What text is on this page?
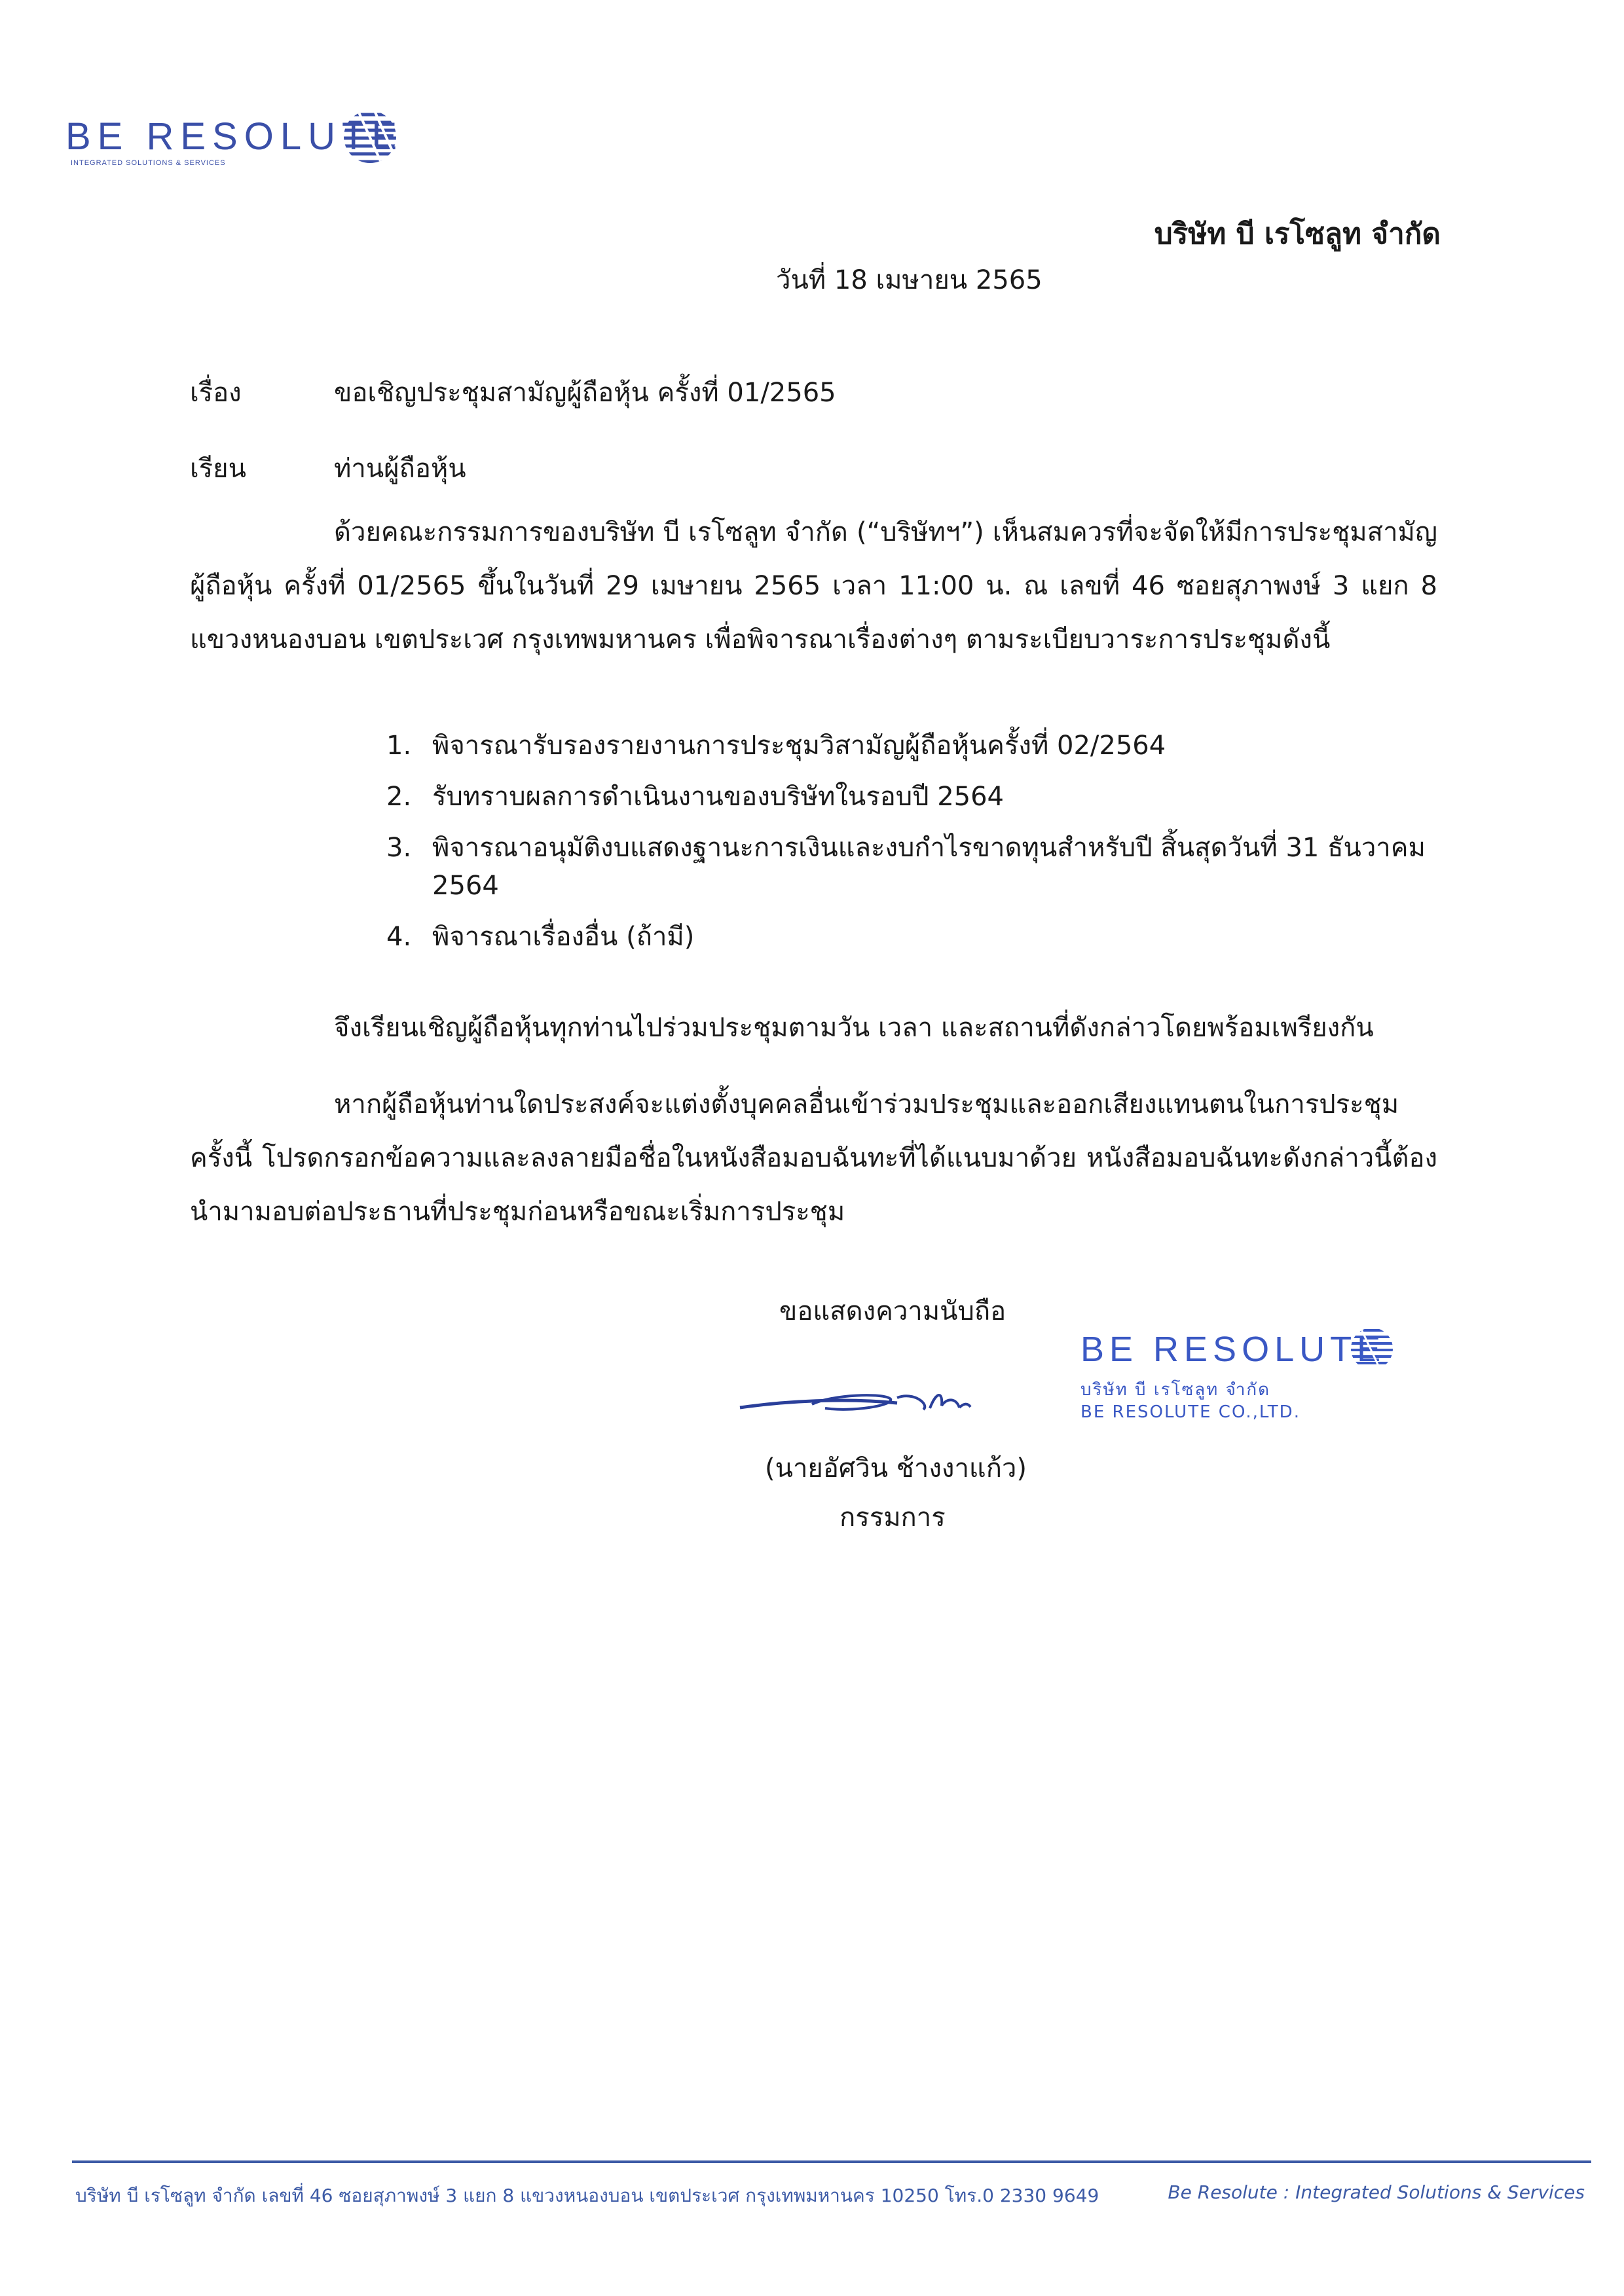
BE RESOLUTE
INTEGRATED SOLUTIONS & SERVICES
บริษัท บี เรโซลูท จำกัด
วันที่ 18 เมษายน 2565
เรื่อง	ขอเชิญประชุมสามัญผู้ถือหุ้น ครั้งที่ 01/2565
เรียน	ท่านผู้ถือหุ้น
ด้วยคณะกรรมการของบริษัท บี เรโซลูท จำกัด (“บริษัทฯ”) เห็นสมควรที่จะจัดให้มีการประชุมสามัญผู้ถือหุ้น ครั้งที่ 01/2565 ขึ้นในวันที่ 29 เมษายน 2565 เวลา 11:00 น. ณ เลขที่ 46 ซอยสุภาพงษ์ 3 แยก 8 แขวงหนองบอน เขตประเวศ กรุงเทพมหานคร เพื่อพิจารณาเรื่องต่างๆ ตามระเบียบวาระการประชุมดังนี้
1. พิจารณารับรองรายงานการประชุมวิสามัญผู้ถือหุ้นครั้งที่ 02/2564
2. รับทราบผลการดำเนินงานของบริษัทในรอบปี 2564
3. พิจารณาอนุมัติงบแสดงฐานะการเงินและงบกำไรขาดทุนสำหรับปี สิ้นสุดวันที่ 31 ธันวาคม 2564
4. พิจารณาเรื่องอื่น (ถ้ามี)
จึงเรียนเชิญผู้ถือหุ้นทุกท่านไปร่วมประชุมตามวัน เวลา และสถานที่ดังกล่าวโดยพร้อมเพรียงกัน
หากผู้ถือหุ้นท่านใดประสงค์จะแต่งตั้งบุคคลอื่นเข้าร่วมประชุมและออกเสียงแทนตนในการประชุมครั้งนี้ โปรดกรอกข้อความและลงลายมือชื่อในหนังสือมอบฉันทะที่ได้แนบมาด้วย หนังสือมอบฉันทะดังกล่าวนี้ต้องนำมามอบต่อประธานที่ประชุมก่อนหรือขณะเริ่มการประชุม
ขอแสดงความนับถือ
(นายอัศวิน ช้างงาแก้ว)
กรรมการ
BE RESOLUTE
บริษัท บี เรโซลูท จำกัด
BE RESOLUTE CO.,LTD.
บริษัท บี เรโซลูท จำกัด เลขที่ 46 ซอยสุภาพงษ์ 3 แยก 8 แขวงหนองบอน เขตประเวศ กรุงเทพมหานคร 10250 โทร.0 2330 9649	Be Resolute : Integrated Solutions & Services
